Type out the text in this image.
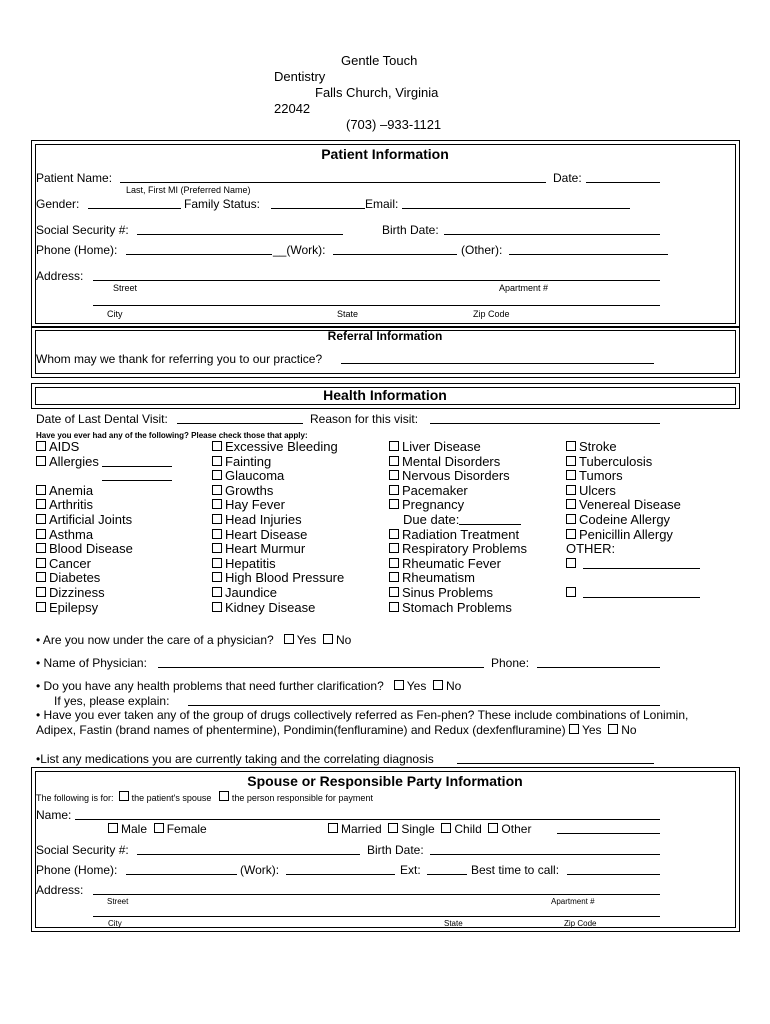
Gentle Touch
Dentistry
Falls Church, Virginia
22042
(703) –933-1121
Patient Information
Patient Name:	Date:
Last, First MI (Preferred Name)
Gender:	Family Status:	Email:
Social Security #:	Birth Date:
Phone (Home):	__(Work):	(Other):
Address:
Street	Apartment #
City	State	Zip Code
Referral Information
Whom may we thank for referring you to our practice?
Health Information
Date of Last Dental Visit:	Reason for this visit:
Have you ever had any of the following? Please check those that apply:
AIDS
Allergies
Anemia
Arthritis
Artificial Joints
Asthma
Blood Disease
Cancer
Diabetes
Dizziness
Epilepsy
Excessive Bleeding
Fainting
Glaucoma
Growths
Hay Fever
Head Injuries
Heart Disease
Heart Murmur
Hepatitis
High Blood Pressure
Jaundice
Kidney Disease
Liver Disease
Mental Disorders
Nervous Disorders
Pacemaker
Pregnancy
Due date:
Radiation Treatment
Respiratory Problems
Rheumatic Fever
Rheumatism
Sinus Problems
Stomach Problems
Stroke
Tuberculosis
Tumors
Ulcers
Venereal Disease
Codeine Allergy
Penicillin Allergy
OTHER:

• Are you now under the care of a physician? Yes No
• Name of Physician:	Phone:
• Do you have any health problems that need further clarification? Yes No
If yes, please explain:
• Have you ever taken any of the group of drugs collectively referred as Fen-phen? These include combinations of Lonimin,
Adipex, Fastin (brand names of phentermine), Pondimin(fenfluramine) and Redux (dexfenfluramine) Yes No
•List any medications you are currently taking and the correlating diagnosis
Spouse or Responsible Party Information
The following is for: the patient's spouse the person responsible for payment
Name:
Male Female	Married Single Child Other
Social Security #:	Birth Date:
Phone (Home):	(Work):	Ext:	Best time to call:
Address:
Street	Apartment #
City	State	Zip Code
